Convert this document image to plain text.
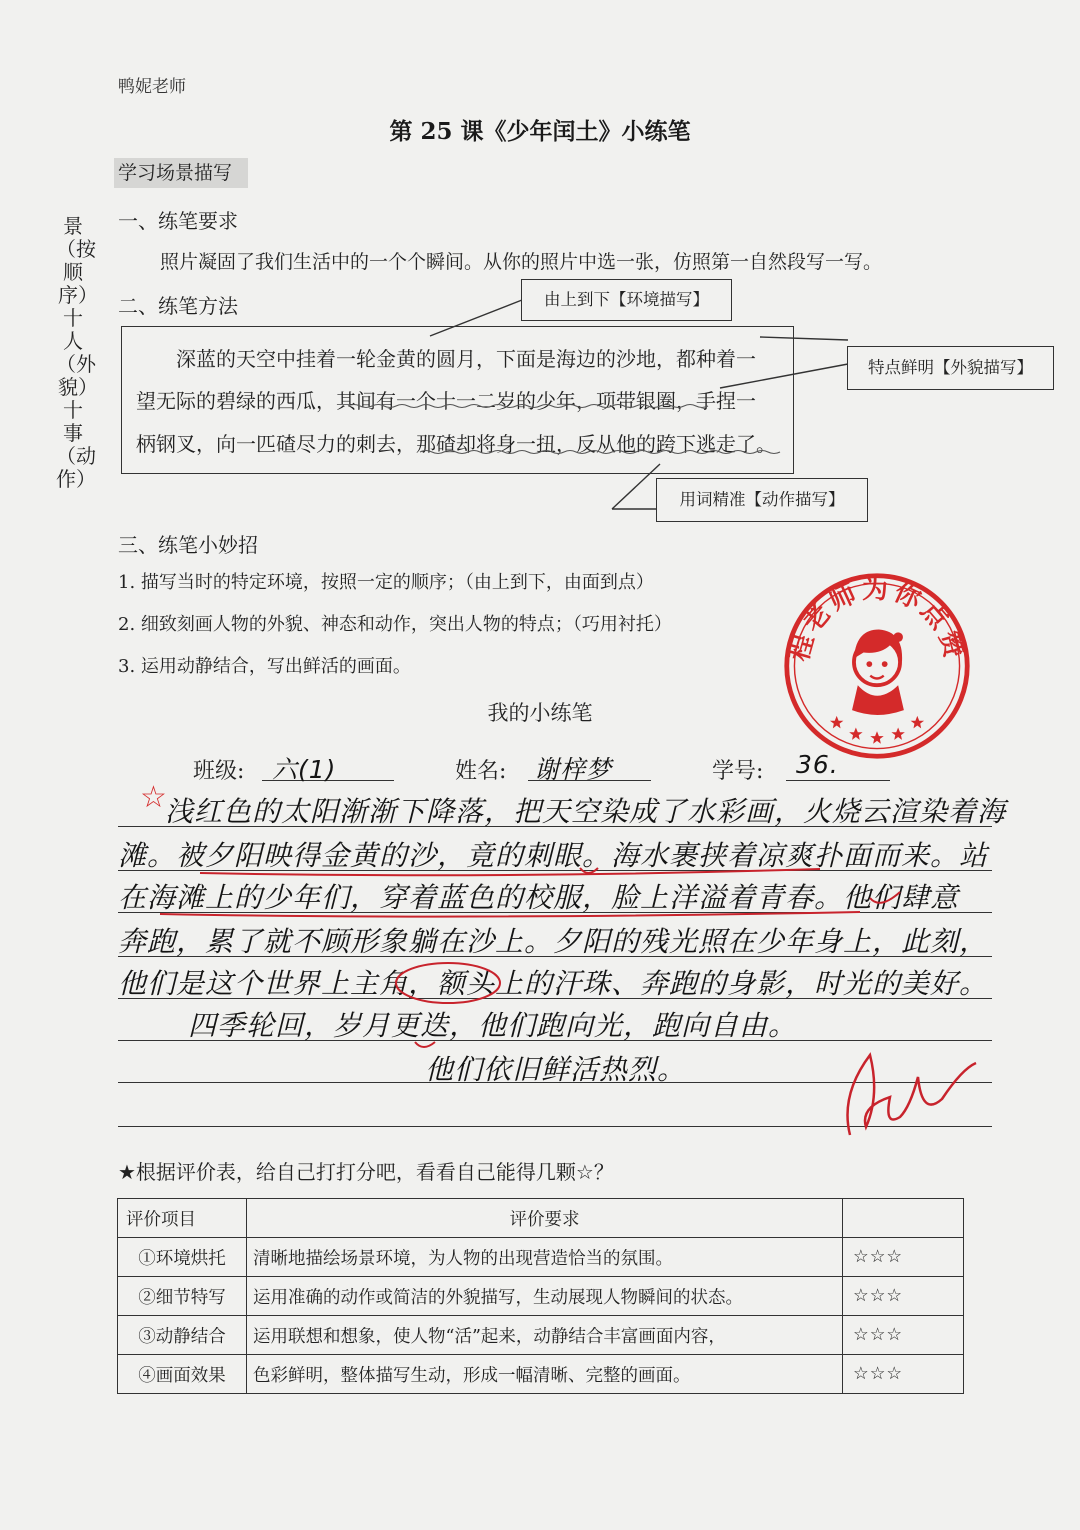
鸭妮老师
第 25 课《少年闰土》小练笔
学习场景描写
景（按顺序）十人（外貌）十事（动作）
一、练笔要求
照片凝固了我们生活中的一个个瞬间。从你的照片中选一张，仿照第一自然段写一写。
二、练笔方法
深蓝的天空中挂着一轮金黄的圆月，下面是海边的沙地，都种着一
望无际的碧绿的西瓜，其间有一个十一二岁的少年，项带银圈，手捏一
柄钢叉，向一匹碴尽力的刺去，那碴却将身一扭，反从他的跨下逃走了。
由上到下【环境描写】
特点鲜明【外貌描写】
用词精准【动作描写】
三、练笔小妙招
1. 描写当时的特定环境，按照一定的顺序；（由上到下，由面到点）
2. 细致刻画人物的外貌、神态和动作，突出人物的特点；（巧用衬托）
3. 运用动静结合，写出鲜活的画面。
程老师为你点赞
我的小练笔
班级:	六(1)	姓名: 谢梓梦	学号:	36.
☆
浅红色的太阳渐渐下降落，把天空染成了水彩画，火烧云渲染着海
滩。被夕阳映得金黄的沙，竟的刺眼。海水裹挟着凉爽扑面而来。站
在海滩上的少年们，穿着蓝色的校服，脸上洋溢着青春。他们肆意
奔跑，累了就不顾形象躺在沙上。夕阳的残光照在少年身上，此刻，
他们是这个世界上主角，额头上的汗珠、奔跑的身影，时光的美好。
四季轮回，岁月更迭，他们跑向光，跑向自由。
他们依旧鲜活热烈。
★根据评价表，给自己打打分吧，看看自己能得几颗☆？
评价项目	评价要求	
①环境烘托	清晰地描绘场景环境，为人物的出现营造恰当的氛围。	☆☆☆
②细节特写	运用准确的动作或简洁的外貌描写，生动展现人物瞬间的状态。	☆☆☆
③动静结合	运用联想和想象，使人物“活”起来，动静结合丰富画面内容，	☆☆☆
④画面效果	色彩鲜明，整体描写生动，形成一幅清晰、完整的画面。	☆☆☆
